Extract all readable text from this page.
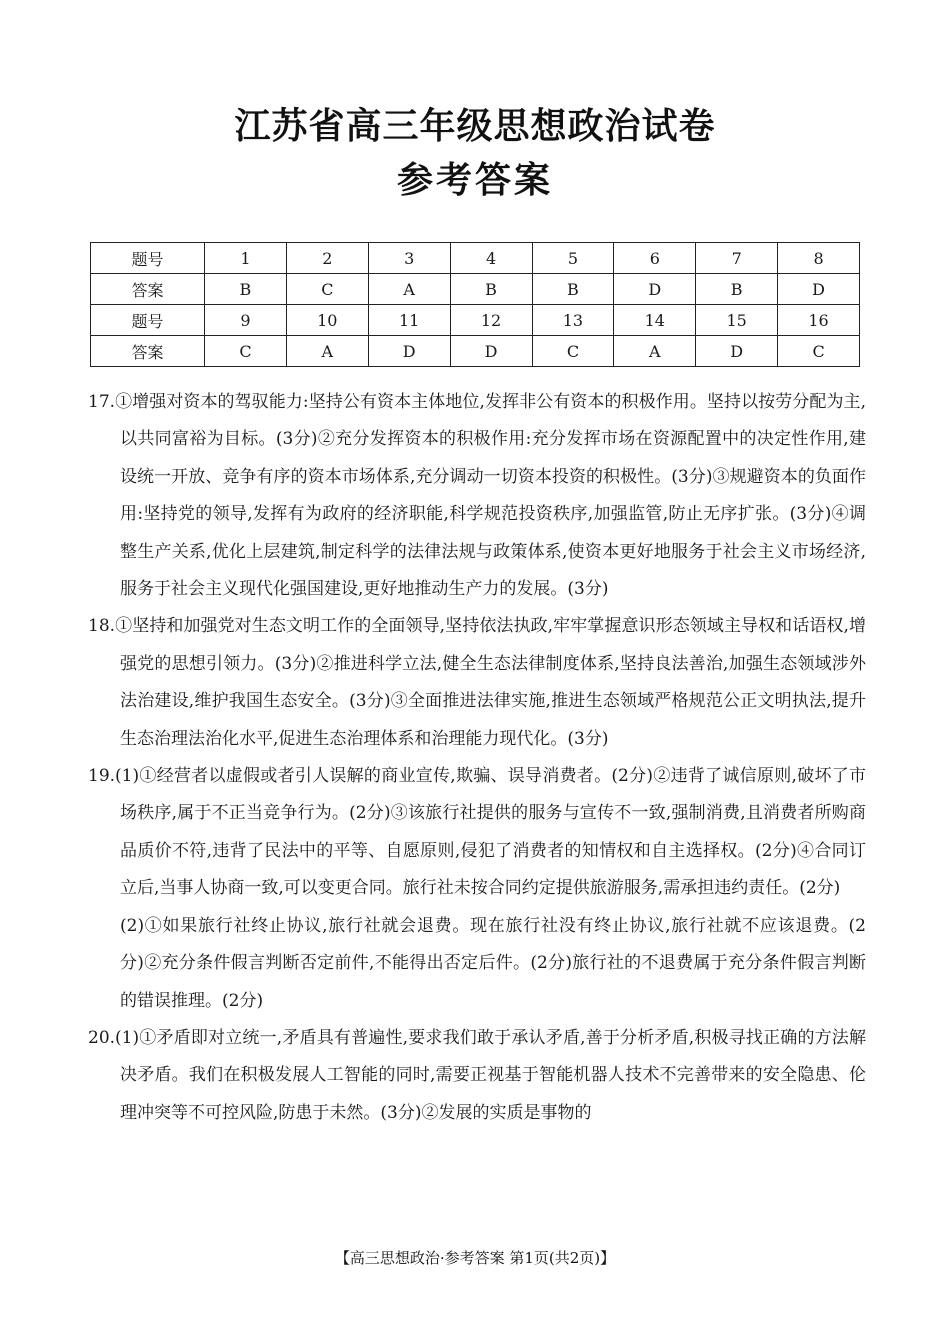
江苏省高三年级思想政治试卷
参考答案
题号	1	2	3	4	5	6	7	8
答案	B	C	A	B	B	D	B	D
题号	9	10	11	12	13	14	15	16
答案	C	A	D	D	C	A	D	C

17.①增强对资本的驾驭能力:坚持公有资本主体地位,发挥非公有资本的积极作用。坚持以按劳分配为主,以共同富裕为目标。(3分)②充分发挥资本的积极作用:充分发挥市场在资源配置中的决定性作用,建设统一开放、竞争有序的资本市场体系,充分调动一切资本投资的积极性。(3分)③规避资本的负面作用:坚持党的领导,发挥有为政府的经济职能,科学规范投资秩序,加强监管,防止无序扩张。(3分)④调整生产关系,优化上层建筑,制定科学的法律法规与政策体系,使资本更好地服务于社会主义市场经济,服务于社会主义现代化强国建设,更好地推动生产力的发展。(3分)

18.①坚持和加强党对生态文明工作的全面领导,坚持依法执政,牢牢掌握意识形态领域主导权和话语权,增强党的思想引领力。(3分)②推进科学立法,健全生态法律制度体系,坚持良法善治,加强生态领域涉外法治建设,维护我国生态安全。(3分)③全面推进法律实施,推进生态领域严格规范公正文明执法,提升生态治理法治化水平,促进生态治理体系和治理能力现代化。(3分)

19.(1)①经营者以虚假或者引人误解的商业宣传,欺骗、误导消费者。(2分)②违背了诚信原则,破坏了市场秩序,属于不正当竞争行为。(2分)③该旅行社提供的服务与宣传不一致,强制消费,且消费者所购商品质价不符,违背了民法中的平等、自愿原则,侵犯了消费者的知情权和自主选择权。(2分)④合同订立后,当事人协商一致,可以变更合同。旅行社未按合同约定提供旅游服务,需承担违约责任。(2分)

(2)①如果旅行社终止协议,旅行社就会退费。现在旅行社没有终止协议,旅行社就不应该退费。(2分)②充分条件假言判断否定前件,不能得出否定后件。(2分)旅行社的不退费属于充分条件假言判断的错误推理。(2分)

20.(1)①矛盾即对立统一,矛盾具有普遍性,要求我们敢于承认矛盾,善于分析矛盾,积极寻找正确的方法解决矛盾。我们在积极发展人工智能的同时,需要正视基于智能机器人技术不完善带来的安全隐患、伦理冲突等不可控风险,防患于未然。(3分)②发展的实质是事物的

【高三思想政治·参考答案 第1页(共2页)】
